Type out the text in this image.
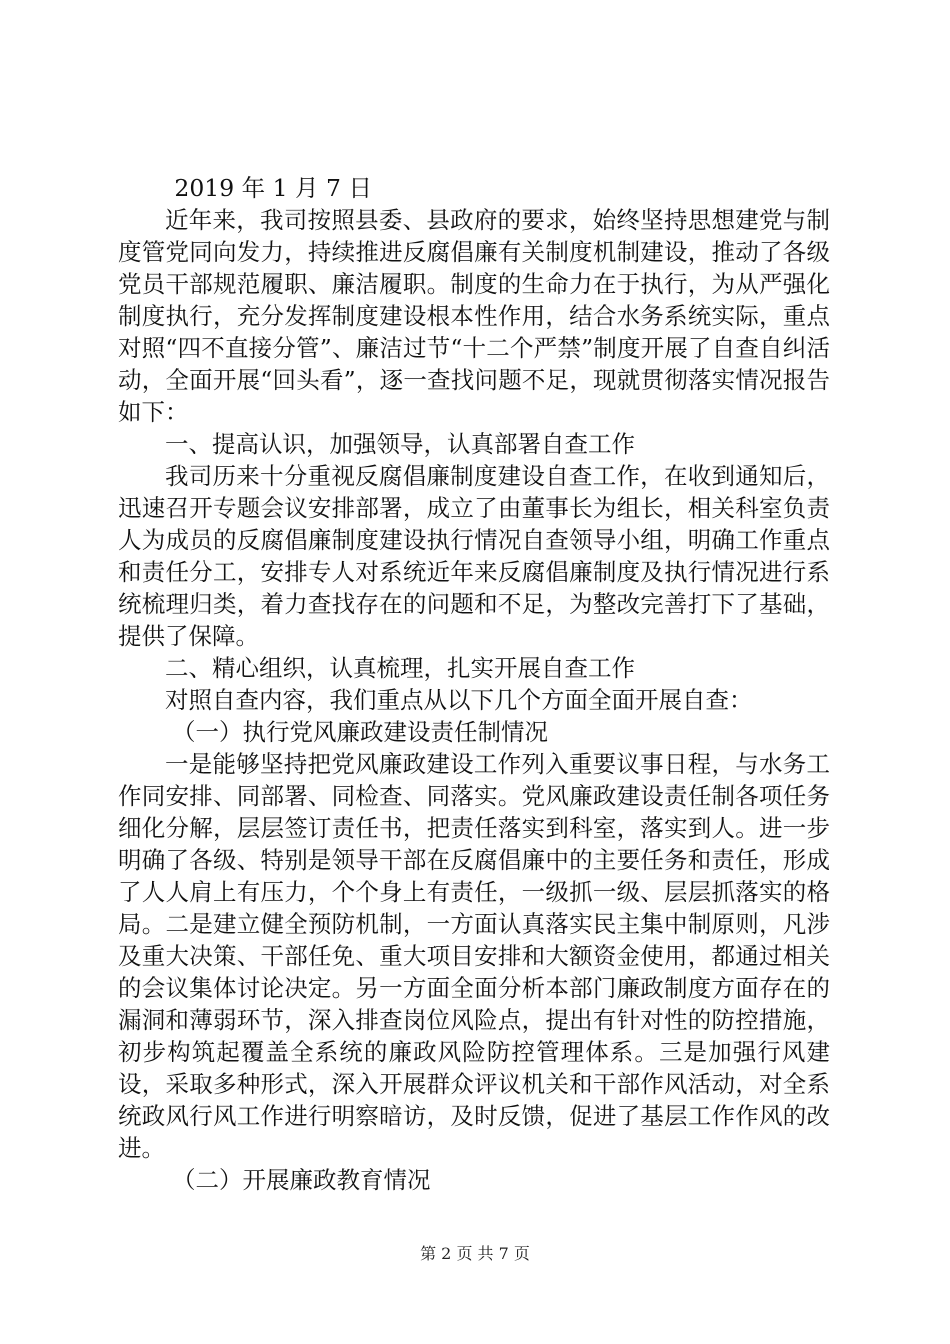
2019 年 1 月 7 日

近年来，我司按照县委、县政府的要求，始终坚持思想建党与制度管党同向发力，持续推进反腐倡廉有关制度机制建设，推动了各级党员干部规范履职、廉洁履职。制度的生命力在于执行，为从严强化制度执行，充分发挥制度建设根本性作用，结合水务系统实际，重点对照“四不直接分管”、廉洁过节“十二个严禁”制度开展了自查自纠活动，全面开展“回头看”，逐一查找问题不足，现就贯彻落实情况报告如下：

一、提高认识，加强领导，认真部署自查工作

我司历来十分重视反腐倡廉制度建设自查工作，在收到通知后，迅速召开专题会议安排部署，成立了由董事长为组长，相关科室负责人为成员的反腐倡廉制度建设执行情况自查领导小组，明确工作重点和责任分工，安排专人对系统近年来反腐倡廉制度及执行情况进行系统梳理归类，着力查找存在的问题和不足，为整改完善打下了基础，提供了保障。

二、精心组织，认真梳理，扎实开展自查工作

对照自查内容，我们重点从以下几个方面全面开展自查：

（一）执行党风廉政建设责任制情况

一是能够坚持把党风廉政建设工作列入重要议事日程，与水务工作同安排、同部署、同检查、同落实。党风廉政建设责任制各项任务细化分解，层层签订责任书，把责任落实到科室，落实到人。进一步明确了各级、特别是领导干部在反腐倡廉中的主要任务和责任，形成了人人肩上有压力，个个身上有责任，一级抓一级、层层抓落实的格局。二是建立健全预防机制，一方面认真落实民主集中制原则，凡涉及重大决策、干部任免、重大项目安排和大额资金使用，都通过相关的会议集体讨论决定。另一方面全面分析本部门廉政制度方面存在的漏洞和薄弱环节，深入排查岗位风险点，提出有针对性的防控措施，初步构筑起覆盖全系统的廉政风险防控管理体系。三是加强行风建设，采取多种形式，深入开展群众评议机关和干部作风活动，对全系统政风行风工作进行明察暗访，及时反馈，促进了基层工作作风的改进。

（二）开展廉政教育情况

第 2 页 共 7 页
